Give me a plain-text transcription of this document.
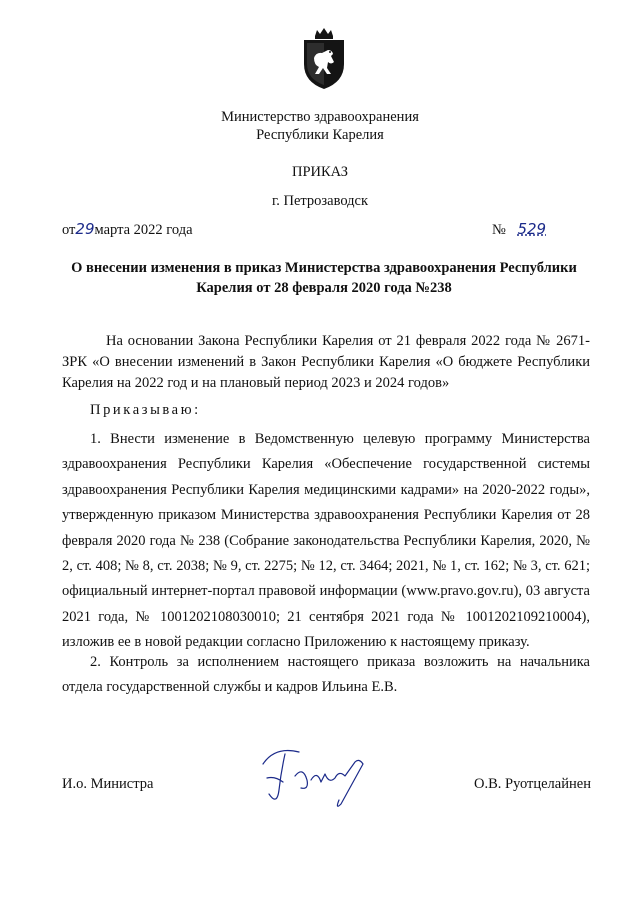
Министерство здравоохранения
Республики Карелия
ПРИКАЗ
г. Петрозаводск
от29марта 2022 года	№ 529
О внесении изменения в приказ Министерства здравоохранения Республики Карелия от 28 февраля 2020 года №238
На основании Закона Республики Карелия от 21 февраля 2022 года № 2671-ЗРК «О внесении изменений в Закон Республики Карелия «О бюджете Республики Карелия на 2022 год и на плановый период 2023 и 2024 годов»
Приказываю:
1. Внести изменение в Ведомственную целевую программу Министерства здравоохранения Республики Карелия «Обеспечение государственной системы здравоохранения Республики Карелия медицинскими кадрами» на 2020-2022 годы», утвержденную приказом Министерства здравоохранения Республики Карелия от 28 февраля 2020 года № 238 (Собрание законодательства Республики Карелия, 2020, № 2, ст. 408; № 8, ст. 2038; № 9, ст. 2275; № 12, ст. 3464; 2021, № 1, ст. 162; № 3, ст. 621; официальный интернет-портал правовой информации (www.pravo.gov.ru), 03 августа 2021 года, № 1001202108030010; 21 сентября 2021 года № 1001202109210004), изложив ее в новой редакции согласно Приложению к настоящему приказу.
2. Контроль за исполнением настоящего приказа возложить на начальника отдела государственной службы и кадров Ильина Е.В.
И.о. Министра	О.В. Руотцелайнен
